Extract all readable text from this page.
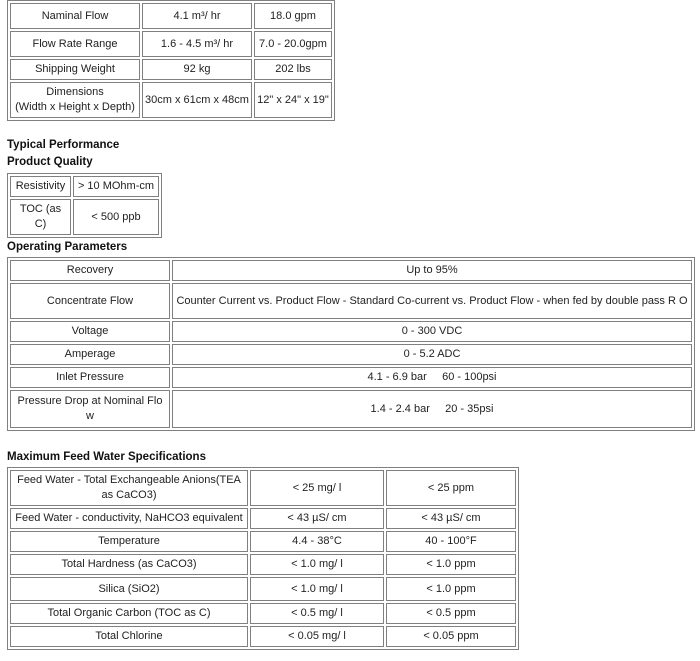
Naminal Flow	4.1 m³/ hr	18.0 gpm
Flow Rate Range	1.6 - 4.5 m³/ hr	7.0 - 20.0gpm
Shipping Weight	92 kg	202 lbs

Dimensions
(Width x Height x Depth)	30cm x 61cm x 48cm	12" x 24" x 19"
Typical Performance
Product Quality
Resistivity	> 10 MOhm-cm
TOC (as C)	< 500 ppb
Operating Parameters
Recovery	Up to 95%
Concentrate Flow	Counter Current vs. Product Flow - Standard Co-current vs. Product Flow - when fed by double pass R O
Voltage	0 - 300 VDC
Amperage	0 - 5.2 ADC
Inlet Pressure	4.1 - 6.9 bar     60 - 100psi
Pressure Drop at Nominal Flo w	1.4 - 2.4 bar     20 - 35psi
Maximum Feed Water Specifications
Feed Water - Total Exchangeable Anions(TEA as CaCO3)	< 25 mg/ l	< 25 ppm
Feed Water - conductivity, NaHCO3 equivalent	< 43 µS/ cm	< 43 µS/ cm
Temperature	4.4 - 38°C	40 - 100°F
Total Hardness (as CaCO3)	< 1.0 mg/ l	< 1.0 ppm
Silica (SiO2)	< 1.0 mg/ l	< 1.0 ppm
Total Organic Carbon (TOC as C)	< 0.5 mg/ l	< 0.5 ppm
Total Chlorine	< 0.05 mg/ l	< 0.05 ppm
